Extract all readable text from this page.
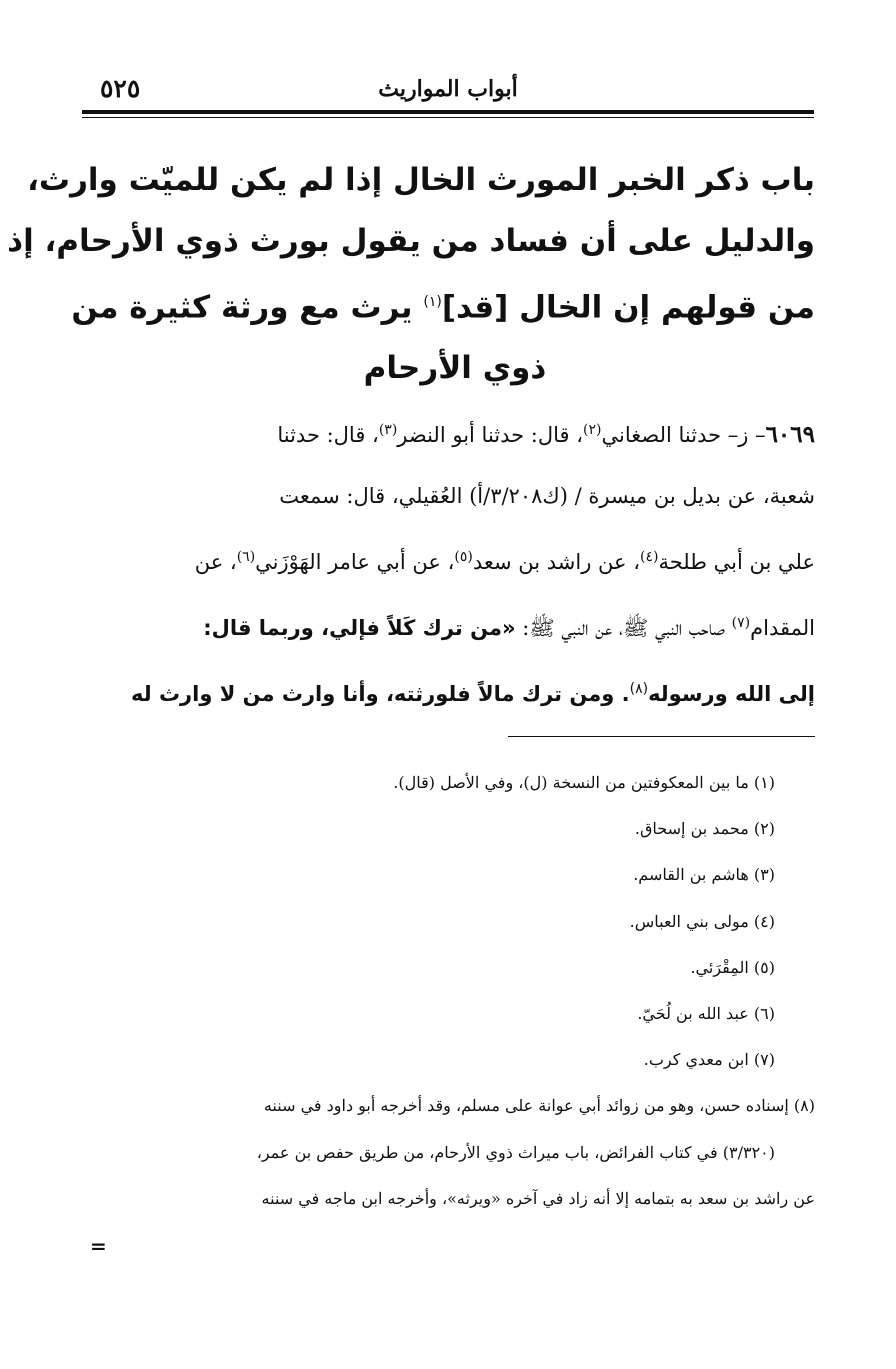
٥٢٥	أبواب المواريث
باب ذكر الخبر المورث الخال إذا لم يكن للميّت وارث،
والدليل على أن فساد من يقول بورث ذوي الأرحام، إذ
من قولهم إن الخال [قد]$^{(١)}$ يرث مع ورثة كثيرة من
ذوي الأرحام
٦٠٦٩– ز– حدثنا الصغاني$^{(٢)}$، قال: حدثنا أبو النضر$^{(٣)}$، قال: حدثنا
شعبة، عن بديل بن ميسرة / (ك٣/٢٠٨/أ) العُقيلي، قال: سمعت
علي بن أبي طلحة$^{(٤)}$، عن راشد بن سعد$^{(٥)}$، عن أبي عامر الهَوْزَني$^{(٦)}$، عن
المقدام$^{(٧)}$ صاحب النبي ﷺ، عن النبي ﷺ: «من ترك كَلاً فإلي، وربما قال:
إلى الله ورسوله$^{(٨)}$. ومن ترك مالاً فلورثته، وأنا وارث من لا وارث له
(١) ما بين المعكوفتين من النسخة (ل)، وفي الأصل (قال).
(٢) محمد بن إسحاق.
(٣) هاشم بن القاسم.
(٤) مولى بني العباس.
(٥) المِقْرَئي.
(٦) عبد الله بن لُحَيّ.
(٧) ابن معدي كرب.
(٨) إسناده حسن، وهو من زوائد أبي عوانة على مسلم، وقد أخرجه أبو داود في سننه
(٣/٣٢٠) في كتاب الفرائض، باب ميراث ذوي الأرحام، من طريق حفص بن عمر،
عن راشد بن سعد به بتمامه إلا أنه زاد في آخره «ويرثه»، وأخرجه ابن ماجه في سننه
=
